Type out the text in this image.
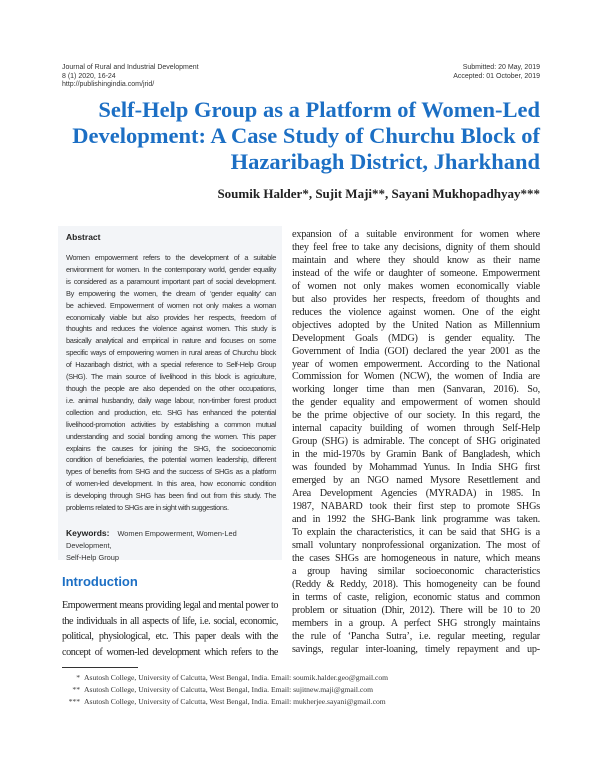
Journal of Rural and Industrial Development
8 (1) 2020, 16-24
http://publishingindia.com/jrid/
Submitted: 20 May, 2019
Accepted: 01 October, 2019
Self-Help Group as a Platform of Women-Led
Development: A Case Study of Churchu Block of
Hazaribagh District, Jharkhand
Soumik Halder*, Sujit Maji**, Sayani Mukhopadhyay***
Abstract
Women empowerment refers to the development of a suitable
environment for women. In the contemporary world, gender equality
is considered as a paramount important part of social development.
By empowering the women, the dream of ‘gender equality’ can
be achieved. Empowerment of women not only makes a woman
economically viable but also provides her respects, freedom of
thoughts and reduces the violence against women. This study is
basically analytical and empirical in nature and focuses on some
specific ways of empowering women in rural areas of Churchu block
of Hazaribagh district, with a special reference to Self-Help Group
(SHG). The main source of livelihood in this block is agriculture,
though the people are also depended on the other occupations,
i.e. animal husbandry, daily wage labour, non-timber forest product
collection and production, etc. SHG has enhanced the potential
livelihood-promotion activities by establishing a common mutual
understanding and social bonding among the women. This paper
explains the causes for joining the SHG, the socioeconomic
condition of beneficiaries, the potential women leadership, different
types of benefits from SHG and the success of SHGs as a platform
of women-led development. In this area, how economic condition
is developing through SHG has been find out from this study. The
problems related to SHGs are in sight with suggestions.
Keywords: Women Empowerment, Women-Led Development,
Self-Help Group
Introduction
Empowerment means providing legal and mental power to
the individuals in all aspects of life, i.e. social, economic,
political, physiological, etc. This paper deals with the
concept of women-led development which refers to the
expansion of a suitable environment for women where
they feel free to take any decisions, dignity of them should
maintain and where they should know as their name
instead of the wife or daughter of someone. Empowerment
of women not only makes women economically viable
but also provides her respects, freedom of thoughts and
reduces the violence against women. One of the eight
objectives adopted by the United Nation as Millennium
Development Goals (MDG) is gender equality. The
Government of India (GOI) declared the year 2001 as the
year of women empowerment. According to the National
Commission for Women (NCW), the women of India are
working longer time than men (Sanvaran, 2016). So,
the gender equality and empowerment of women should
be the prime objective of our society. In this regard, the
internal capacity building of women through Self-Help
Group (SHG) is admirable. The concept of SHG originated
in the mid-1970s by Gramin Bank of Bangladesh, which
was founded by Mohammad Yunus. In India SHG first
emerged by an NGO named Mysore Resettlement and
Area Development Agencies (MYRADA) in 1985. In
1987, NABARD took their first step to promote SHGs
and in 1992 the SHG-Bank link programme was taken.
To explain the characteristics, it can be said that SHG is a
small voluntary nonprofessional organization. The most of
the cases SHGs are homogeneous in nature, which means
a group having similar socioeconomic characteristics
(Reddy & Reddy, 2018). This homogeneity can be found
in terms of caste, religion, economic status and common
problem or situation (Dhir, 2012). There will be 10 to 20
members in a group. A perfect SHG strongly maintains
the rule of ‘Pancha Sutra’, i.e. regular meeting, regular
savings, regular inter-loaning, timely repayment and up-
* Asutosh College, University of Calcutta, West Bengal, India. Email: soumik.halder.geo@gmail.com
** Asutosh College, University of Calcutta, West Bengal, India. Email: sujitnew.maji@gmail.com
*** Asutosh College, University of Calcutta, West Bengal, India. Email: mukherjee.sayani@gmail.com
